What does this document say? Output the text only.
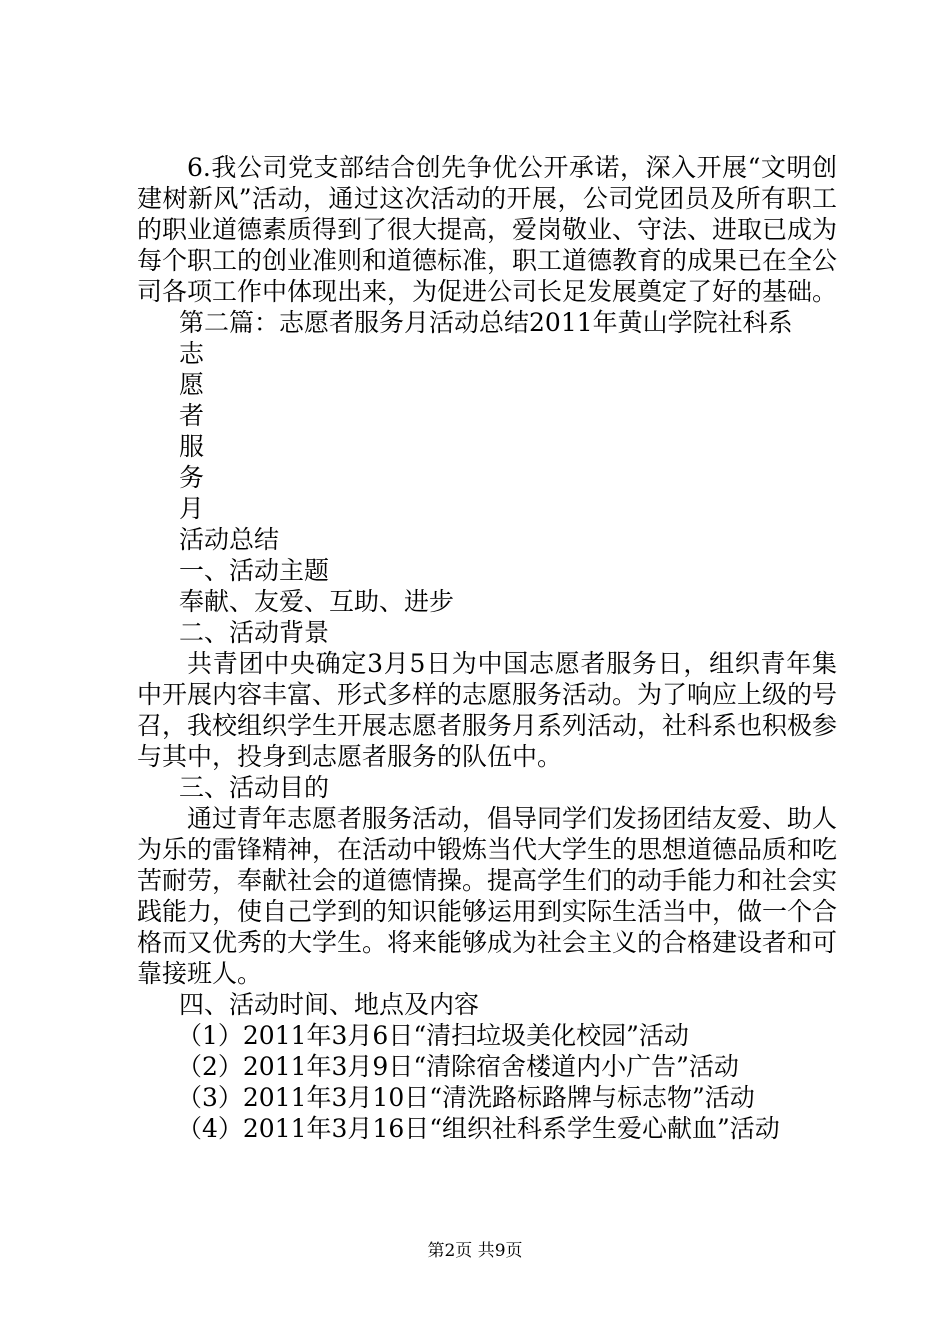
6.我公司党支部结合创先争优公开承诺，深入开展“文明创建树新风”活动，通过这次活动的开展，公司党团员及所有职工的职业道德素质得到了很大提高，爱岗敬业、守法、进取已成为每个职工的创业准则和道德标准，职工道德教育的成果已在全公司各项工作中体现出来，为促进公司长足发展奠定了好的基础。

第二篇：志愿者服务月活动总结2011年黄山学院社科系

志

愿

者

服

务

月

活动总结

一、活动主题

奉献、友爱、互助、进步

二、活动背景

共青团中央确定3月5日为中国志愿者服务日，组织青年集中开展内容丰富、形式多样的志愿服务活动。为了响应上级的号召，我校组织学生开展志愿者服务月系列活动，社科系也积极参与其中，投身到志愿者服务的队伍中。

三、活动目的

通过青年志愿者服务活动，倡导同学们发扬团结友爱、助人为乐的雷锋精神，在活动中锻炼当代大学生的思想道德品质和吃苦耐劳，奉献社会的道德情操。提高学生们的动手能力和社会实践能力，使自己学到的知识能够运用到实际生活当中，做一个合格而又优秀的大学生。将来能够成为社会主义的合格建设者和可靠接班人。

四、活动时间、地点及内容

（1）2011年3月6日“清扫垃圾美化校园”活动

（2）2011年3月9日“清除宿舍楼道内小广告”活动

（3）2011年3月10日“清洗路标路牌与标志物”活动

（4）2011年3月16日“组织社科系学生爱心献血”活动

第2页 共9页
